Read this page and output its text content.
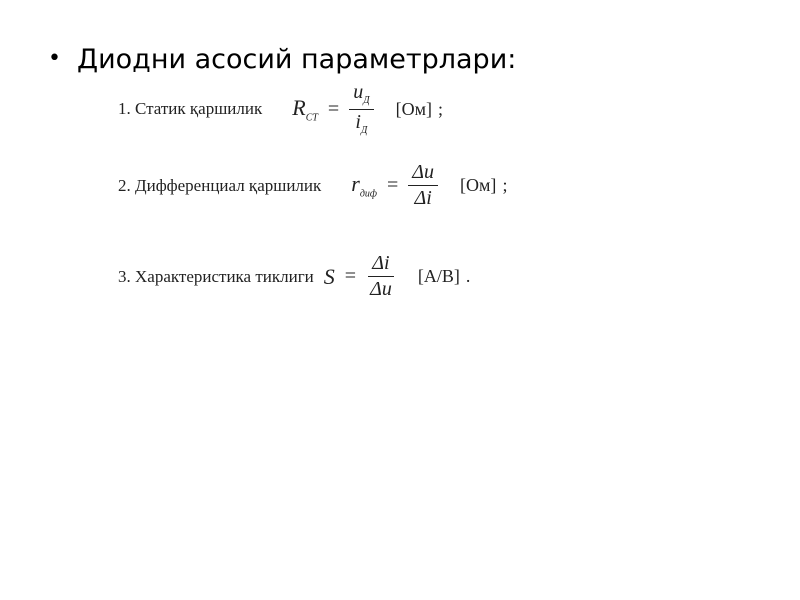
• Диодни асосий параметрлари:
1. Статик қаршилик $R_{СТ} = \frac{u_Д}{i_Д} [Ом]$ ;
2. Дифференциал қаршилик $r_{диф} = \frac{\Delta u}{\Delta i} [Ом]$ ;
3. Характеристика тиклиги $S = \frac{\Delta i}{\Delta u} [А/В]$ .
